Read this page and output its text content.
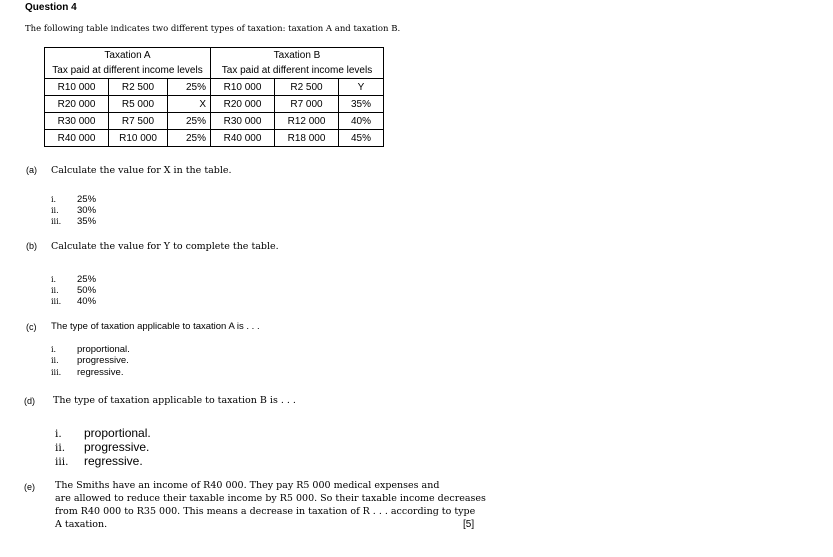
Question 4
The following table indicates two different types of taxation: taxation A and taxation B.
Taxation A			Taxation B		
Tax paid at different income levels			Tax paid at different income levels		
R10 000	R2 500	25%	R10 000	R2 500	Y
R20 000	R5 000	X	R20 000	R7 000	35%
R30 000	R7 500	25%	R30 000	R12 000	40%
R40 000	R10 000	25%	R40 000	R18 000	45%
(a) Calculate the value for X in the table.
i. 25%
ii. 30%
iii. 35%
(b) Calculate the value for Y to complete the table.
i. 25%
ii. 50%
iii. 40%
(c) The type of taxation applicable to taxation A is . . .
i. proportional.
ii. progressive.
iii. regressive.
(d) The type of taxation applicable to taxation B is . . .
i. proportional.
ii. progressive.
iii. regressive.
(e) The Smiths have an income of R40 000. They pay R5 000 medical expenses and
are allowed to reduce their taxable income by R5 000. So their taxable income decreases
from R40 000 to R35 000. This means a decrease in taxation of R . . . according to type
A taxation.	[5]
